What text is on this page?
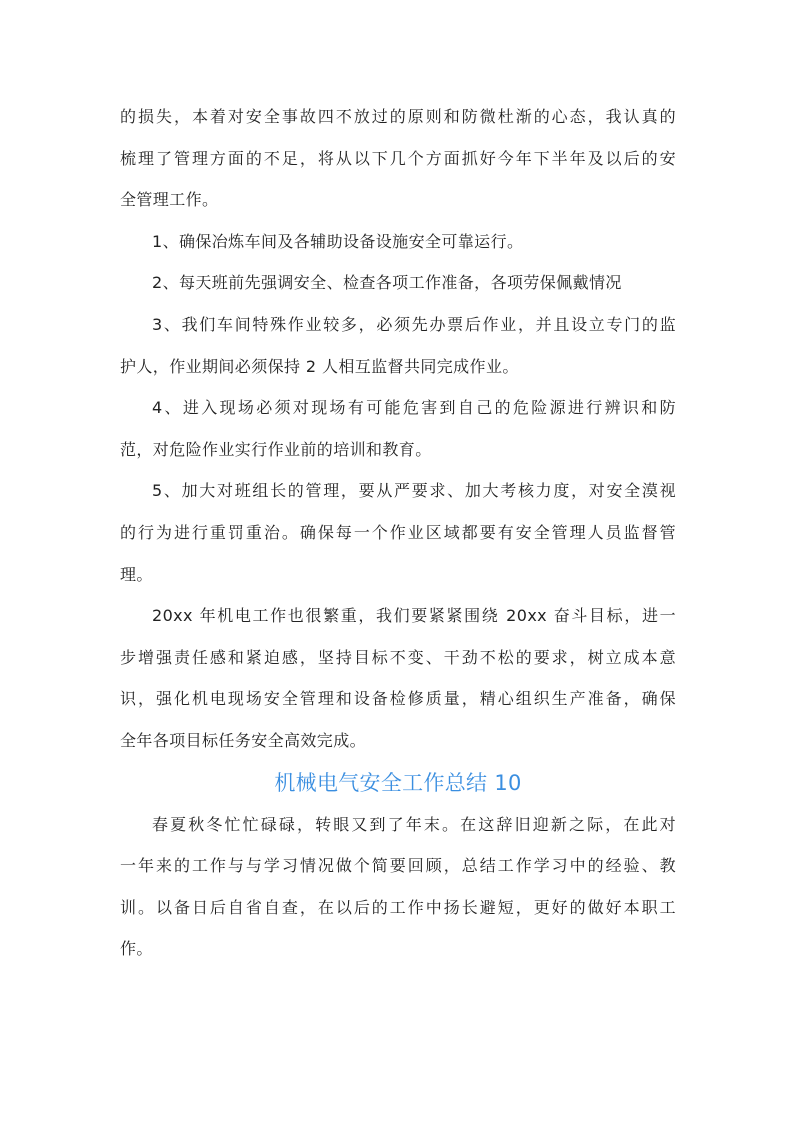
的损失，本着对安全事故四不放过的原则和防微杜渐的心态，我认真的
梳理了管理方面的不足，将从以下几个方面抓好今年下半年及以后的安
全管理工作。
1、确保冶炼车间及各辅助设备设施安全可靠运行。
2、每天班前先强调安全、检查各项工作准备，各项劳保佩戴情况
3、我们车间特殊作业较多，必须先办票后作业，并且设立专门的监
护人，作业期间必须保持 2 人相互监督共同完成作业。
4、进入现场必须对现场有可能危害到自己的危险源进行辨识和防
范，对危险作业实行作业前的培训和教育。
5、加大对班组长的管理，要从严要求、加大考核力度，对安全漠视
的行为进行重罚重治。确保每一个作业区域都要有安全管理人员监督管
理。
20xx 年机电工作也很繁重，我们要紧紧围绕 20xx 奋斗目标，进一
步增强责任感和紧迫感，坚持目标不变、干劲不松的要求，树立成本意
识，强化机电现场安全管理和设备检修质量，精心组织生产准备，确保
全年各项目标任务安全高效完成。
机械电气安全工作总结 10
春夏秋冬忙忙碌碌，转眼又到了年末。在这辞旧迎新之际，在此对
一年来的工作与与学习情况做个简要回顾，总结工作学习中的经验、教
训。以备日后自省自查，在以后的工作中扬长避短，更好的做好本职工
作。
